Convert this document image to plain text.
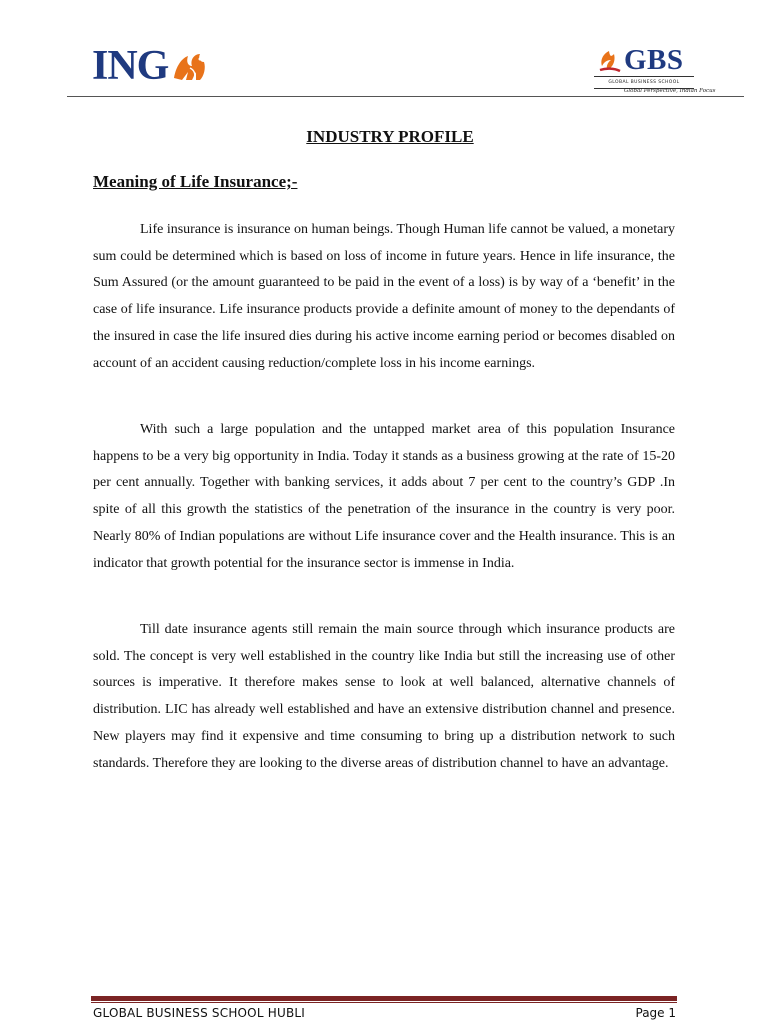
ING	GBS
GLOBAL BUSINESS SCHOOL
Global Perspective, Indian Focus
INDUSTRY PROFILE
Meaning of Life Insurance;-

Life insurance is insurance on human beings. Though Human life cannot be valued, a monetary sum could be determined which is based on loss of income in future years. Hence in life insurance, the Sum Assured (or the amount guaranteed to be paid in the event of a loss) is by way of a ‘benefit’ in the case of life insurance. Life insurance products provide a definite amount of money to the dependants of the insured in case the life insured dies during his active income earning period or becomes disabled on account of an accident causing reduction/complete loss in his income earnings.

With such a large population and the untapped market area of this population Insurance happens to be a very big opportunity in India. Today it stands as a business growing at the rate of 15-20 per cent annually. Together with banking services, it adds about 7 per cent to the country’s GDP .In spite of all this growth the statistics of the penetration of the insurance in the country is very poor. Nearly 80% of Indian populations are without Life insurance cover and the Health insurance. This is an indicator that growth potential for the insurance sector is immense in India.

Till date insurance agents still remain the main source through which insurance products are sold. The concept is very well established in the country like India but still the increasing use of other sources is imperative. It therefore makes sense to look at well balanced, alternative channels of distribution. LIC has already well established and have an extensive distribution channel and presence. New players may find it expensive and time consuming to bring up a distribution network to such standards. Therefore they are looking to the diverse areas of distribution channel to have an advantage.

GLOBAL BUSINESS SCHOOL HUBLI	Page 1
